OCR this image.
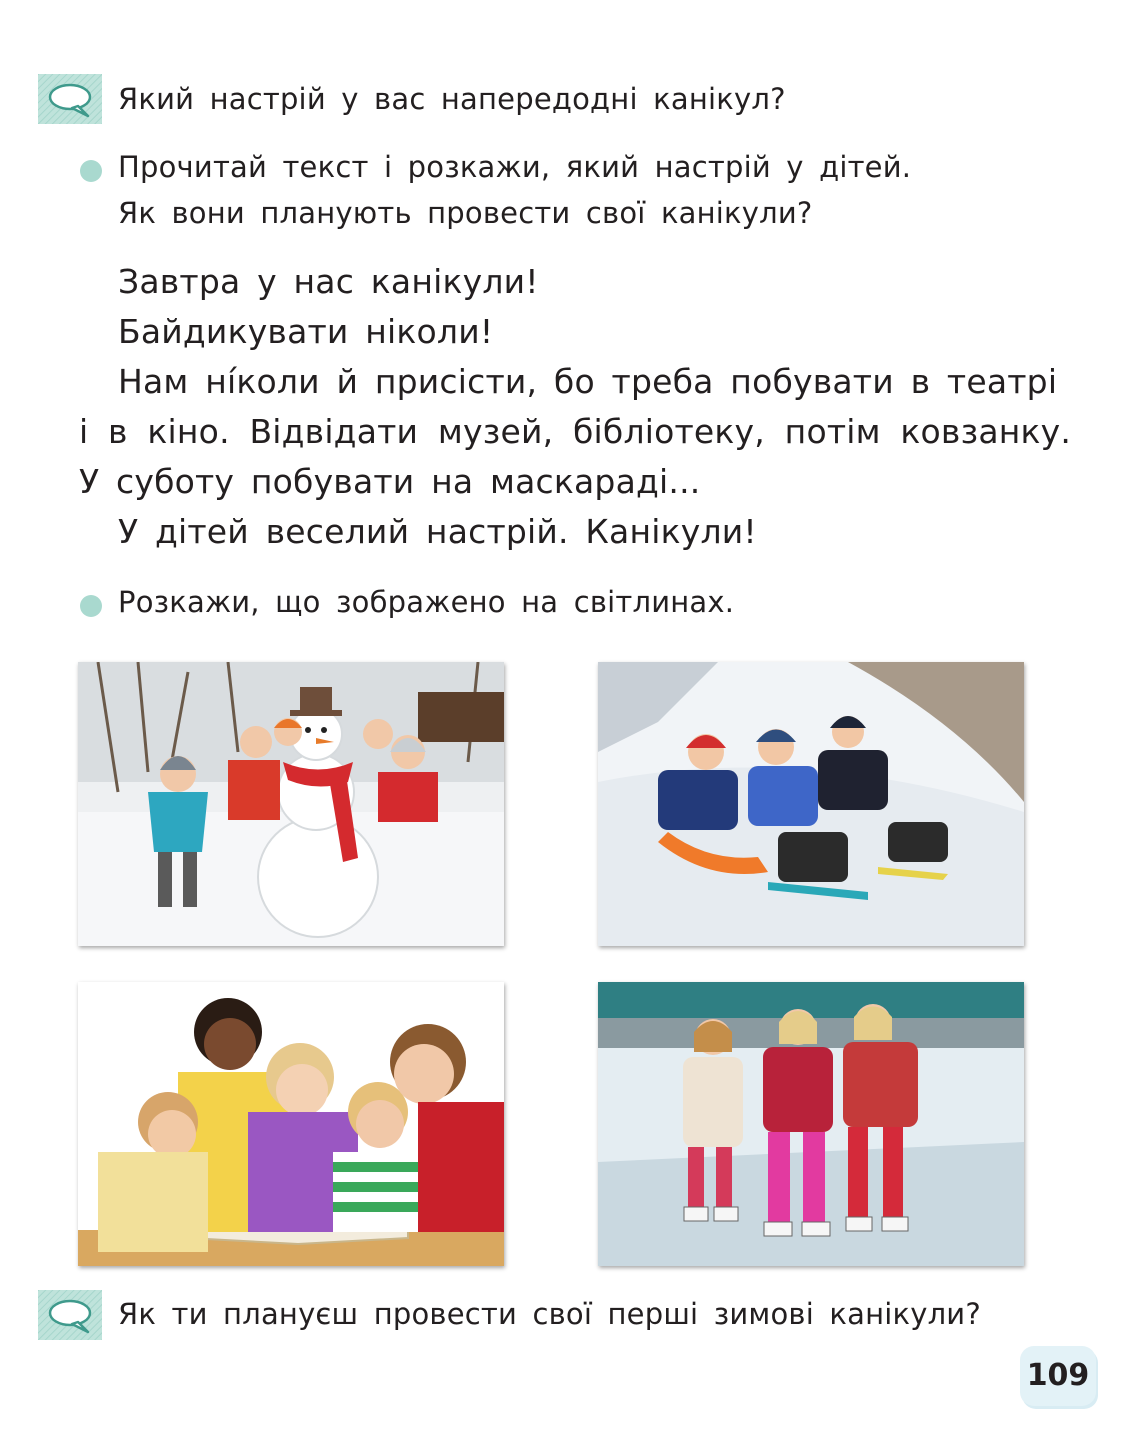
Який настрій у вас напередодні канікул?
Прочитай текст і розкажи, який настрій у дітей.
Як вони планують провести свої канікули?
Завтра у нас канікули!
Байдикувати ніколи!
Нам ні́коли й присісти, бо треба побувати в театрі
і в кіно. Відвідати музей, бібліотеку, потім ковзанку.
У суботу побувати на маскараді...
У дітей веселий настрій. Канікули!
Розкажи, що зображено на світлинах.
Як ти плануєш провести свої перші зимові канікули?
109
